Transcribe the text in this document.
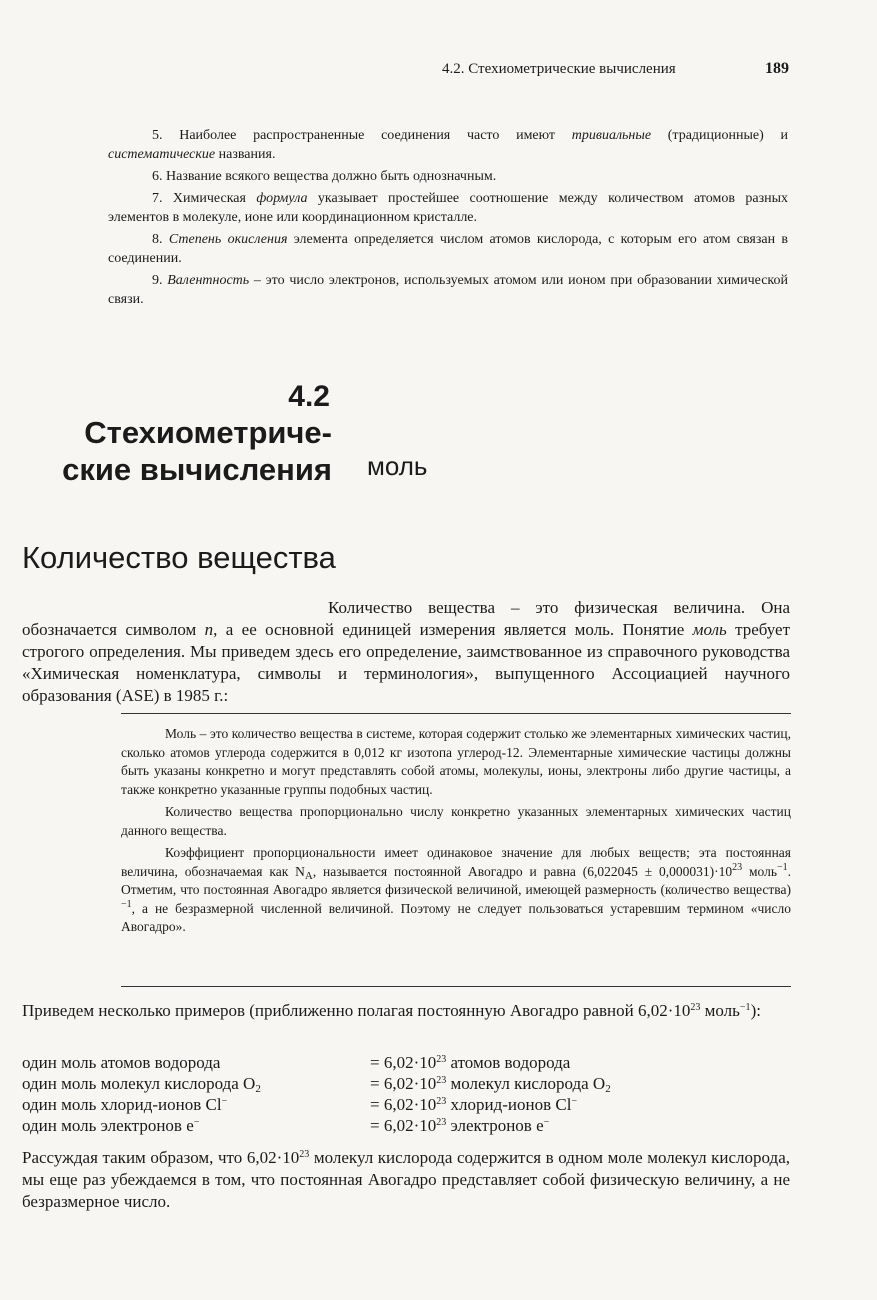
4.2. Стехиометрические вычисления	189

5. Наиболее распространенные соединения часто имеют тривиальные (традиционные) и систематические названия.

6. Название всякого вещества должно быть однозначным.

7. Химическая формула указывает простейшее соотношение между количеством атомов разных элементов в молекуле, ионе или координационном кристалле.

8. Степень окисления элемента определяется числом атомов кислорода, с которым его атом связан в соединении.

9. Валентность – это число электронов, используемых атомом или ионом при образовании химической связи.

4.2
Стехиометриче-
ские вычисления моль
Количество вещества
Количество вещества – это физическая величина. Она обозначается символом n, а ее основной единицей измерения является моль. Понятие моль требует строгого определения. Мы приведем здесь его определение, заимствованное из справочного руководства «Химическая номенклатура, символы и терминология», выпущенного Ассоциацией научного образования (ASE) в 1985 г.:

Моль – это количество вещества в системе, которая содержит столько же элементарных химических частиц, сколько атомов углерода содержится в 0,012 кг изотопа углерод-12. Элементарные химические частицы должны быть указаны конкретно и могут представлять собой атомы, молекулы, ионы, электроны либо другие частицы, а также конкретно указанные группы подобных частиц.

Количество вещества пропорционально числу конкретно указанных элементарных химических частиц данного вещества.

Коэффициент пропорциональности имеет одинаковое значение для любых веществ; эта постоянная величина, обозначаемая как $N_A$, называется постоянной Авогадро и равна $(6,022045 \pm 0,000031)\cdot 10^{23}$ моль$^{-1}$. Отметим, что постоянная Авогадро является физической величиной, имеющей размерность (количество вещества)$^{-1}$, а не безразмерной численной величиной. Поэтому не следует пользоваться устаревшим термином «число Авогадро».

Приведем несколько примеров (приближенно полагая постоянную Авогадро равной $6,02\cdot 10^{23}$ моль$^{-1}$):
один моль атомов водорода	= $6,02\cdot 10^{23}$ атомов водорода
один моль молекул кислорода $O_2$	= $6,02\cdot 10^{23}$ молекул кислорода $O_2$
один моль хлорид-ионов Cl−	= $6,02\cdot 10^{23}$ хлорид-ионов Cl−
один моль электронов e−	= $6,02\cdot 10^{23}$ электронов e−
Рассуждая таким образом, что $6,02\cdot 10^{23}$ молекул кислорода содержится в одном моле молекул кислорода, мы еще раз убеждаемся в том, что постоянная Авогадро представляет собой физическую величину, а не безразмерное число.
